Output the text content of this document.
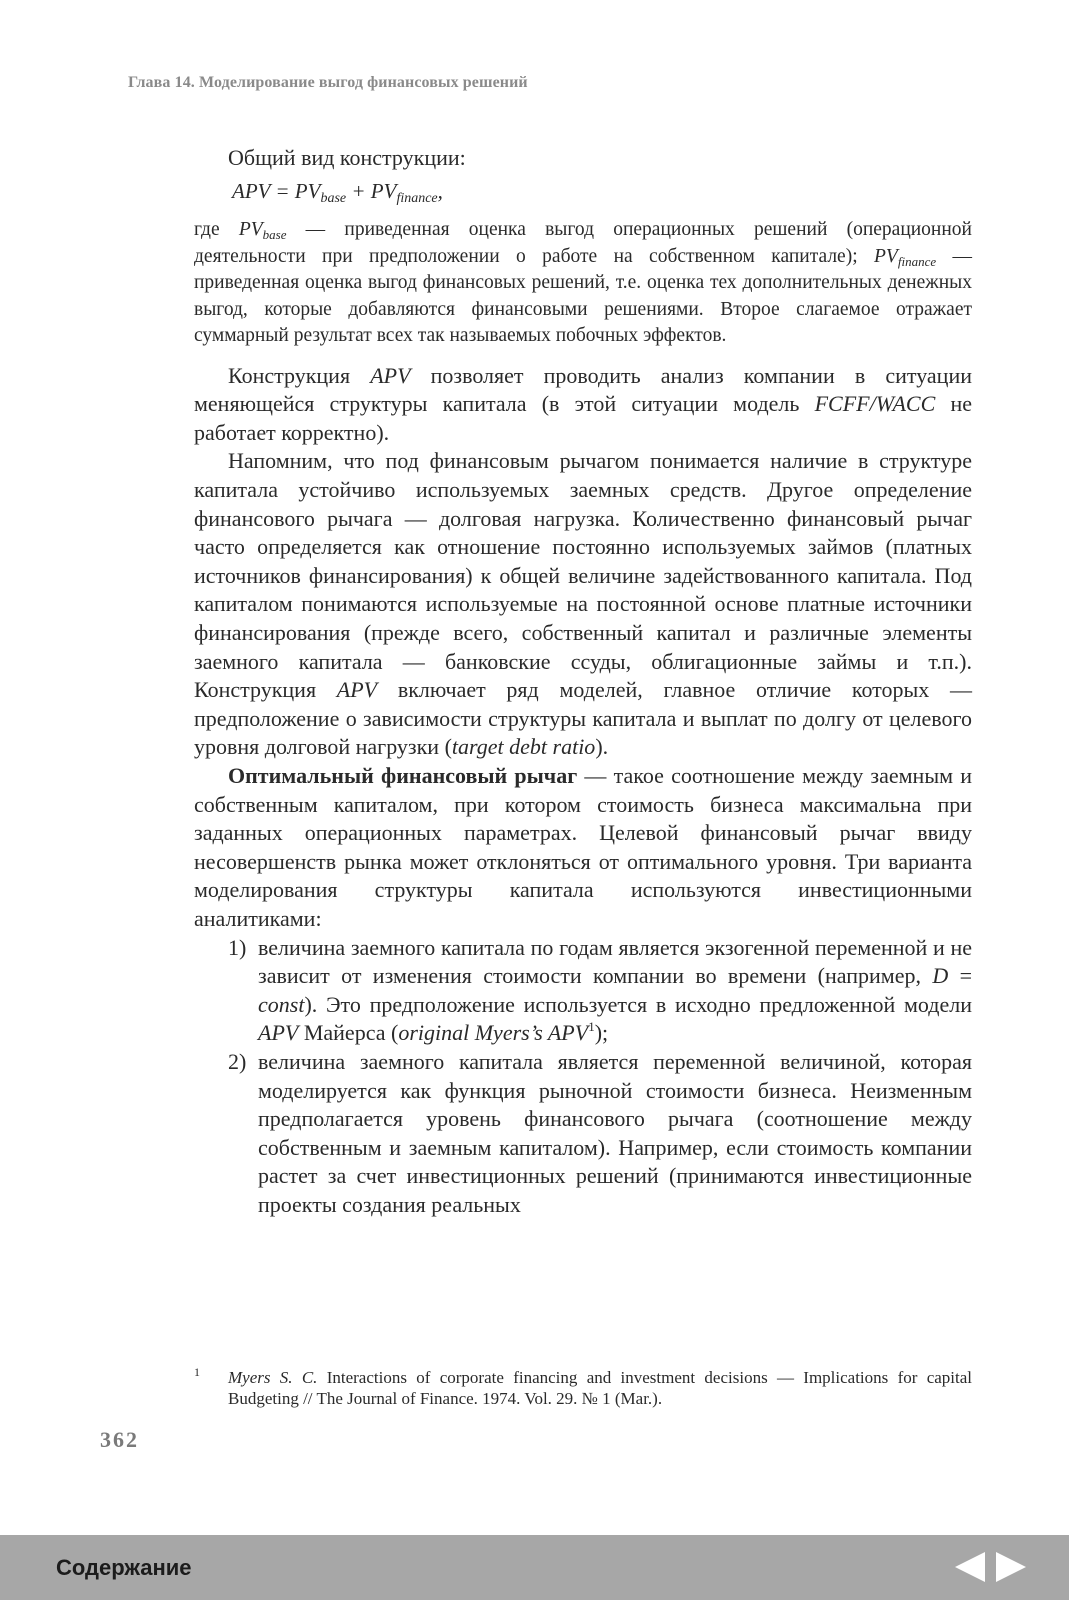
Глава 14. Моделирование выгод финансовых решений

Общий вид конструкции:

APV = $PV_{base} + PV_{finance}$,

где $PV_{base}$ — приведенная оценка выгод операционных решений (операционной деятельности при предположении о работе на собственном капитале); $PV_{finance}$ — приведенная оценка выгод финансовых решений, т.е. оценка тех дополнительных денежных выгод, которые добавляются финансовыми решениями. Второе слагаемое отражает суммарный результат всех так называемых побочных эффектов.

Конструкция APV позволяет проводить анализ компании в ситуации меняющейся структуры капитала (в этой ситуации модель FCFF/WACC не работает корректно).

Напомним, что под финансовым рычагом понимается наличие в структуре капитала устойчиво используемых заемных средств. Другое определение финансового рычага — долговая нагрузка. Количественно финансовый рычаг часто определяется как отношение постоянно используемых займов (платных источников финансирования) к общей величине задействованного капитала. Под капиталом понимаются используемые на постоянной основе платные источники финансирования (прежде всего, собственный капитал и различные элементы заемного капитала — банковские ссуды, облигационные займы и т.п.). Конструкция APV включает ряд моделей, главное отличие которых — предположение о зависимости структуры капитала и выплат по долгу от целевого уровня долговой нагрузки (target debt ratio).

Оптимальный финансовый рычаг — такое соотношение между заемным и собственным капиталом, при котором стоимость бизнеса максимальна при заданных операционных параметрах. Целевой финансовый рычаг ввиду несовершенств рынка может отклоняться от оптимального уровня. Три варианта моделирования структуры капитала используются инвестиционными аналитиками:

1) величина заемного капитала по годам является экзогенной переменной и не зависит от изменения стоимости компании во времени (например, D = const). Это предположение используется в исходно предложенной модели APV Майерса (original Myers’s APV$^1$);
2) величина заемного капитала является переменной величиной, которая моделируется как функция рыночной стоимости бизнеса. Неизменным предполагается уровень финансового рычага (соотношение между собственным и заемным капиталом). Например, если стоимость компании растет за счет инвестиционных решений (принимаются инвестиционные проекты создания реальных
1	Myers S. C. Interactions of corporate financing and investment decisions — Implications for capital Budgeting // The Journal of Finance. 1974. Vol. 29. № 1 (Mar.).
362
Содержание
